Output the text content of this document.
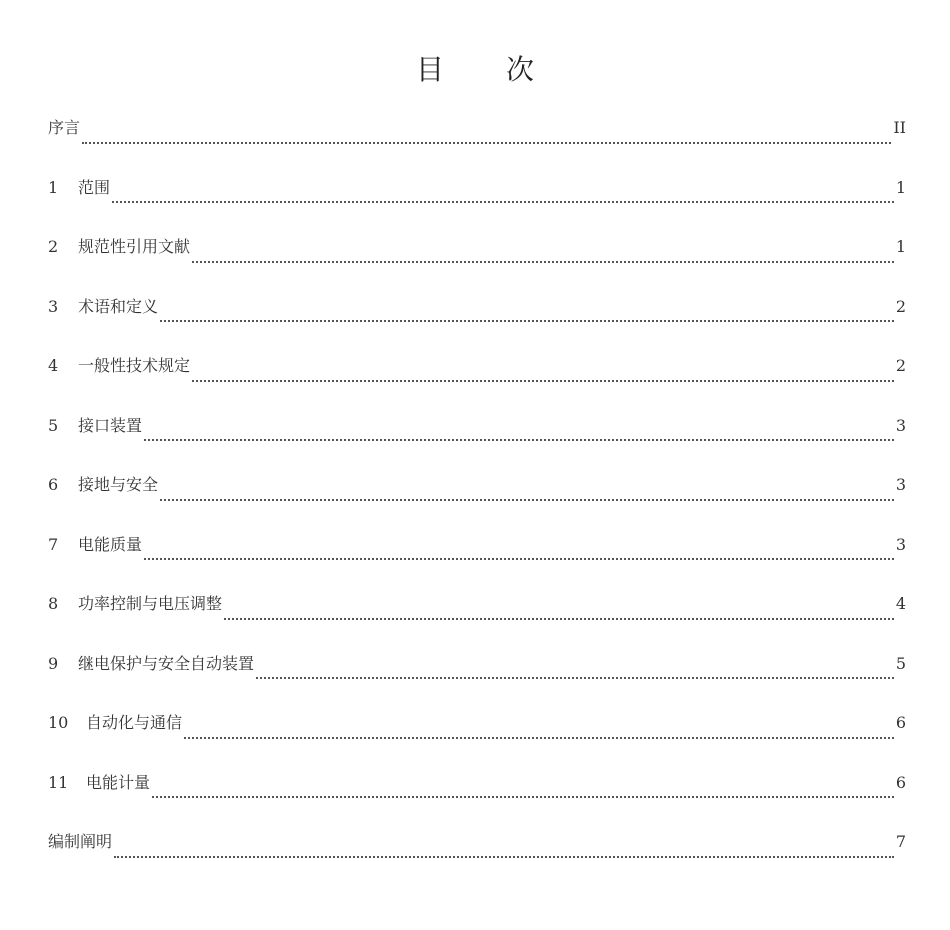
目 次
序言	II
1	范围	1
2	规范性引用文献	1
3	术语和定义	2
4	一般性技术规定	2
5	接口装置	3
6	接地与安全	3
7	电能质量	3
8	功率控制与电压调整	4
9	继电保护与安全自动装置	5
10	自动化与通信	6
11	电能计量	6
编制阐明	7
